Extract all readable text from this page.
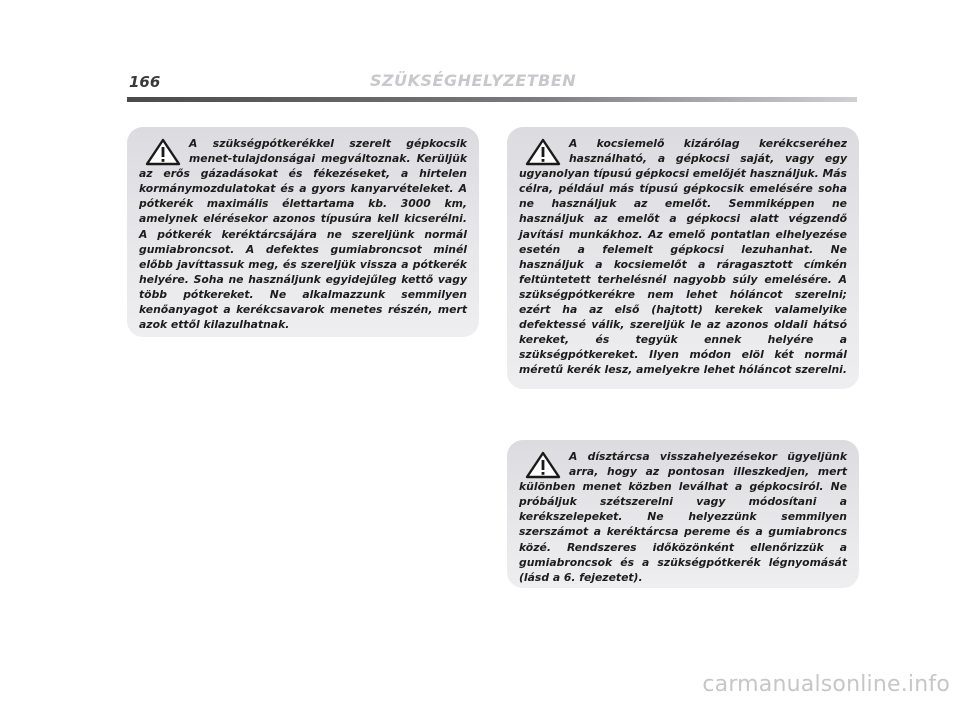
166	SZÜKSÉGHELYZETBEN

A szükségpótkerékkel szerelt gépkocsik menet-tulajdonságai megváltoznak. Kerüljük az erős gázadásokat és fékezéseket, a hirtelen kormánymozdulatokat és a gyors kanyarvételeket. A pótkerék maximális élettartama kb. 3000 km, amelynek elérésekor azonos típusúra kell kicserélni. A pótkerék keréktárcsájára ne szereljünk normál gumiabroncsot. A defektes gumiabroncsot minél előbb javíttassuk meg, és szereljük vissza a pótkerék helyére. Soha ne használjunk egyidejűleg kettő vagy több pótkereket. Ne alkalmazzunk semmilyen kenőanyagot a kerékcsavarok menetes részén, mert azok ettől kilazulhatnak.

A kocsiemelő kizárólag kerékcseréhez használható, a gépkocsi saját, vagy egy ugyanolyan típusú gépkocsi emelőjét használjuk. Más célra, például más típusú gépkocsik emelésére soha ne használjuk az emelőt. Semmiképpen ne használjuk az emelőt a gépkocsi alatt végzendő javítási munkákhoz. Az emelő pontatlan elhelyezése esetén a felemelt gépkocsi lezuhanhat. Ne használjuk a kocsiemelőt a ráragasztott címkén feltüntetett terhelésnél nagyobb súly emelésére. A szükségpótkerékre nem lehet hóláncot szerelni; ezért ha az első (hajtott) kerekek valamelyike defektessé válik, szereljük le az azonos oldali hátsó kereket, és tegyük ennek helyére a szükségpótkereket. Ilyen módon elöl két normál méretű kerék lesz, amelyekre lehet hóláncot szerelni.

A dísztárcsa visszahelyezésekor ügyeljünk arra, hogy az pontosan illeszkedjen, mert különben menet közben leválhat a gépkocsiról. Ne próbáljuk szétszerelni vagy módosítani a kerékszelepeket. Ne helyezzünk semmilyen szerszámot a keréktárcsa pereme és a gumiabroncs közé. Rendszeres időközönként ellenőrizzük a gumiabroncsok és a szükségpótkerék légnyomását (lásd a 6. fejezetet).

carmanualsonline.info
